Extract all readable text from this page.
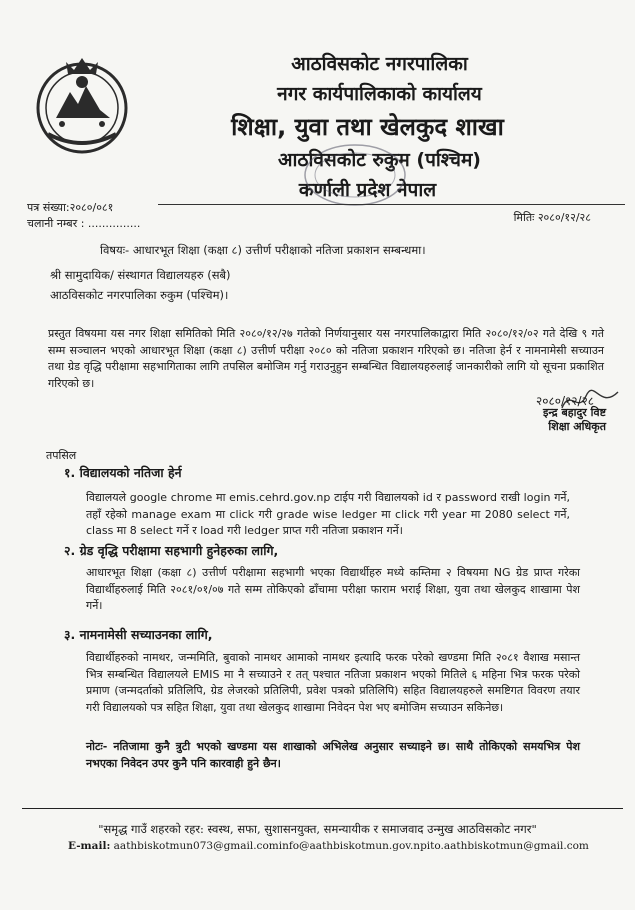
आठविसकोट नगरपालिका
नगर कार्यपालिकाको कार्यालय
शिक्षा, युवा तथा खेलकुद शाखा
आठविसकोट रुकुम (पश्चिम)
कर्णाली प्रदेश नेपाल
पत्र संख्या:२०८०/०८१
चलानी नम्बर : ...............	मितिः २०८०/१२/२८
विषयः- आधारभूत शिक्षा (कक्षा ८) उत्तीर्ण परीक्षाको नतिजा प्रकाशन सम्बन्धमा।
श्री सामुदायिक/ संस्थागत विद्यालयहरु (सबै)
आठविसकोट नगरपालिका रुकुम (पश्चिम)।
प्रस्तुत विषयमा यस नगर शिक्षा समितिको मिति २०८०/१२/२७ गतेको निर्णयानुसार यस नगरपालिकाद्वारा मिति २०८०/१२/०२ गते देखि ९ गते सम्म सञ्चालन भएको आधारभूत शिक्षा (कक्षा ८) उत्तीर्ण परीक्षा २०८० को नतिजा प्रकाशन गरिएको छ। नतिजा हेर्न र नामनामेसी सच्याउन तथा ग्रेड वृद्धि परीक्षामा सहभागिताका लागि तपसिल बमोजिम गर्नु गराउनुहुन सम्बन्धित विद्यालयहरुलाई जानकारीको लागि यो सूचना प्रकाशित गरिएको छ।
२०८०/१२/२८
इन्द्र बहादुर विष्ट
शिक्षा अधिकृत
तपसिल
१. विद्यालयको नतिजा हेर्न
विद्यालयले google chrome मा emis.cehrd.gov.np टाईप गरी विद्यालयको id र password राखी login गर्ने, तहाँ रहेको manage exam मा click गरी grade wise ledger मा click गरी year मा 2080 select गर्ने, class मा 8 select गर्ने र load गरी ledger प्राप्त गरी नतिजा प्रकाशन गर्ने।
२. ग्रेड वृद्धि परीक्षामा सहभागी हुनेहरुका लागि,
आधारभूत शिक्षा (कक्षा ८) उत्तीर्ण परीक्षामा सहभागी भएका विद्यार्थीहरु मध्ये कम्तिमा २ विषयमा NG ग्रेड प्राप्त गरेका विद्यार्थीहरुलाई मिति २०८१/०१/०७ गते सम्म तोकिएको ढाँचामा परीक्षा फाराम भराई शिक्षा, युवा तथा खेलकुद शाखामा पेश गर्ने।
३. नामनामेसी सच्याउनका लागि,
विद्यार्थीहरुको नामथर, जन्ममिति, बुवाको नामथर आमाको नामथर इत्यादि फरक परेको खण्डमा मिति २०८१ वैशाख मसान्त भित्र सम्बन्धित विद्यालयले EMIS मा नै सच्याउने र तत् पश्चात नतिजा प्रकाशन भएको मितिले ६ महिना भित्र फरक परेको प्रमाण (जन्मदर्ताको प्रतिलिपि, ग्रेड लेजरको प्रतिलिपी, प्रवेश पत्रको प्रतिलिपि) सहित विद्यालयहरुले समष्टिगत विवरण तयार गरी विद्यालयको पत्र सहित शिक्षा, युवा तथा खेलकुद शाखामा निवेदन पेश भए बमोजिम सच्याउन सकिनेछ।
नोटः- नतिजामा कुनै त्रुटी भएको खण्डमा यस शाखाको अभिलेख अनुसार सच्याइने छ। साथै तोकिएको समयभित्र पेश नभएका निवेदन उपर कुनै पनि कारवाही हुने छैन।
"समृद्ध गाउँ शहरको रहर: स्वस्थ, सफा, सुशासनयुक्त, समन्यायीक र समाजवाद उन्मुख आठविसकोट नगर"
E-mail: aathbiskotmun073@gmail.cominfo@aathbiskotmun.gov.npito.aathbiskotmun@gmail.com
